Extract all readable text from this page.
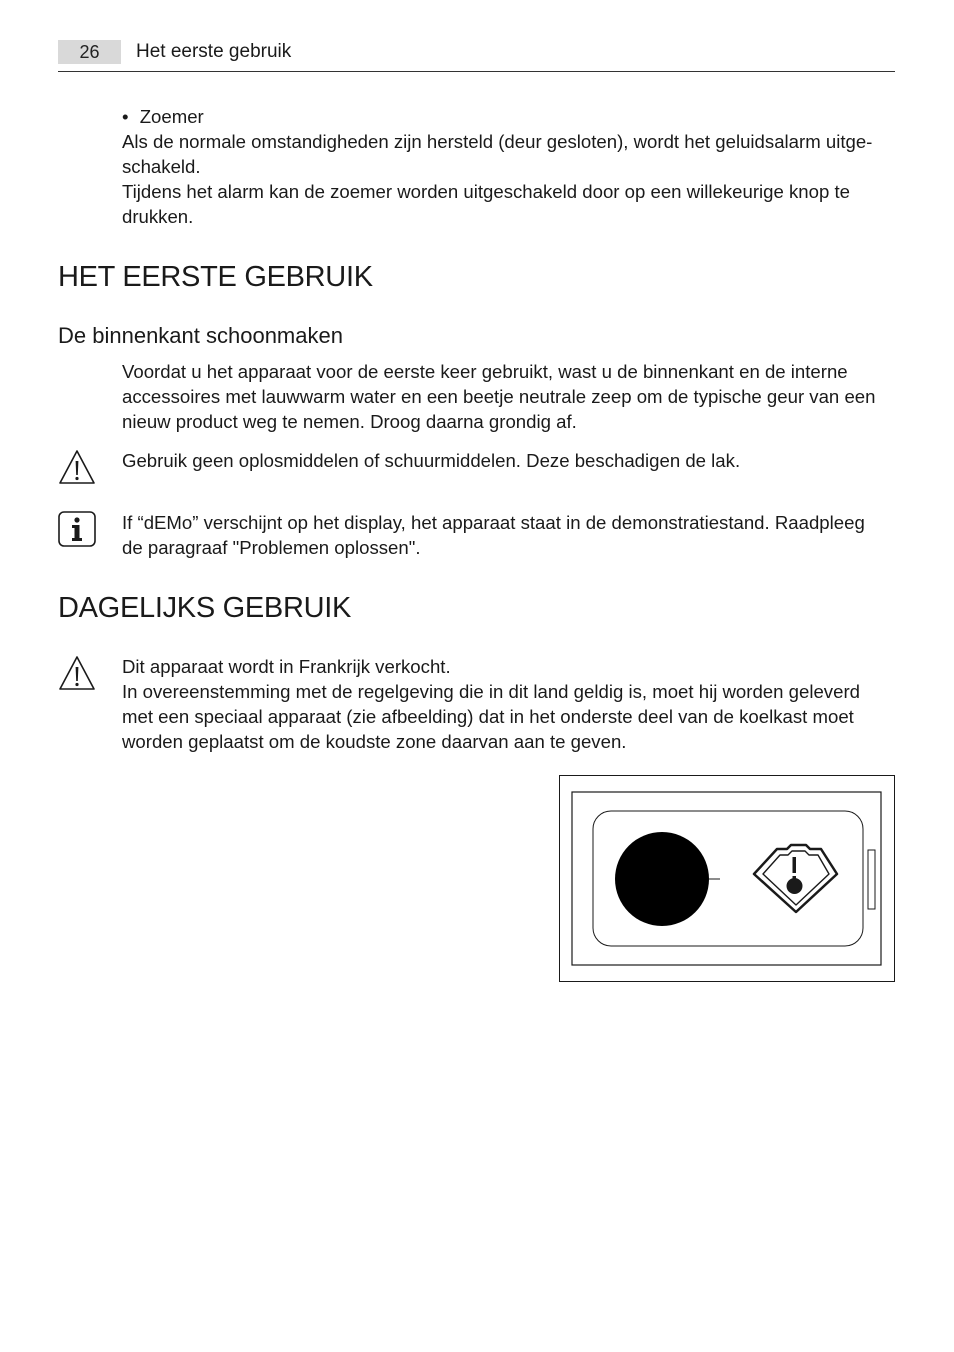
26	Het eerste gebruik
• Zoemer
Als de normale omstandigheden zijn hersteld (deur gesloten), wordt het geluidsalarm uitge-
schakeld.
Tijdens het alarm kan de zoemer worden uitgeschakeld door op een willekeurige knop te
drukken.
HET EERSTE GEBRUIK
De binnenkant schoonmaken
Voordat u het apparaat voor de eerste keer gebruikt, wast u de binnenkant en de interne
accessoires met lauwwarm water en een beetje neutrale zeep om de typische geur van een
nieuw product weg te nemen. Droog daarna grondig af.
Gebruik geen oplosmiddelen of schuurmiddelen. Deze beschadigen de lak.
If “dEMo” verschijnt op het display, het apparaat staat in de demonstratiestand. Raadpleeg
de paragraaf "Problemen oplossen".
DAGELIJKS GEBRUIK
Dit apparaat wordt in Frankrijk verkocht.
In overeenstemming met de regelgeving die in dit land geldig is, moet hij worden geleverd
met een speciaal apparaat (zie afbeelding) dat in het onderste deel van de koelkast moet
worden geplaatst om de koudste zone daarvan aan te geven.
